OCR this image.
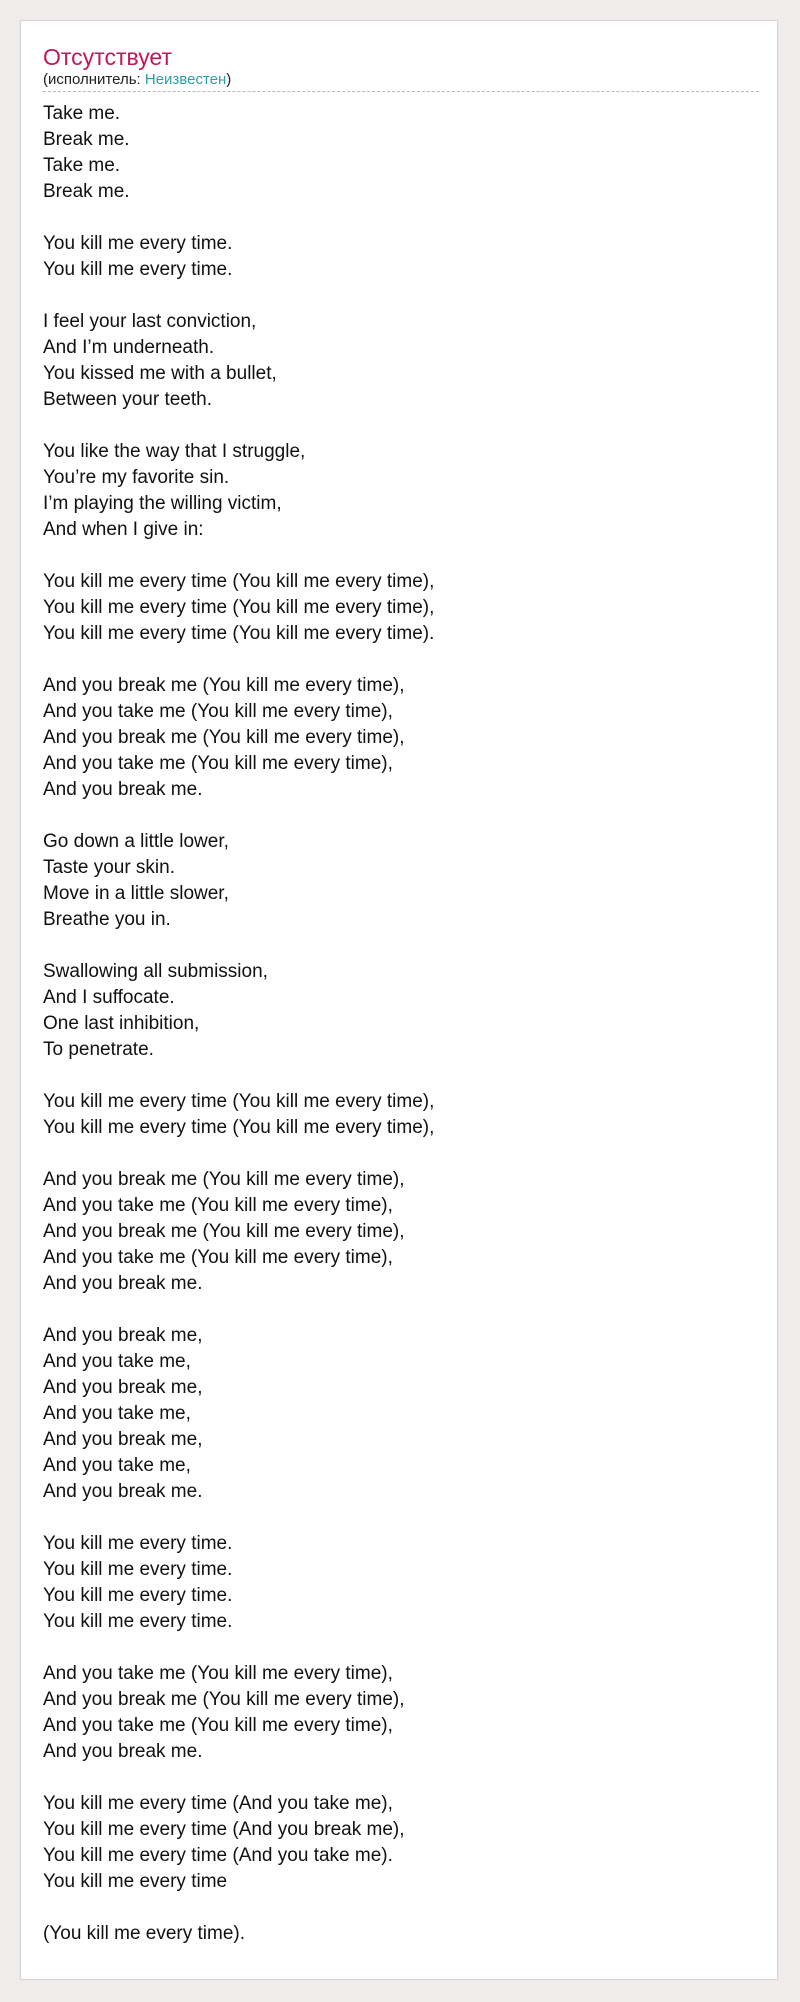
Отсутствует
(исполнитель: Неизвестен)
Take me.
Break me.
Take me.
Break me.
You kill me every time.
You kill me every time.
I feel your last conviction,
And I’m underneath.
You kissed me with a bullet,
Between your teeth.
You like the way that I struggle,
You’re my favorite sin.
I’m playing the willing victim,
And when I give in:
You kill me every time (You kill me every time),
You kill me every time (You kill me every time),
You kill me every time (You kill me every time).
And you break me (You kill me every time),
And you take me (You kill me every time),
And you break me (You kill me every time),
And you take me (You kill me every time),
And you break me.
Go down a little lower,
Taste your skin.
Move in a little slower,
Breathe you in.
Swallowing all submission,
And I suffocate.
One last inhibition,
To penetrate.
You kill me every time (You kill me every time),
You kill me every time (You kill me every time),
And you break me (You kill me every time),
And you take me (You kill me every time),
And you break me (You kill me every time),
And you take me (You kill me every time),
And you break me.
And you break me,
And you take me,
And you break me,
And you take me,
And you break me,
And you take me,
And you break me.
You kill me every time.
You kill me every time.
You kill me every time.
You kill me every time.
And you take me (You kill me every time),
And you break me (You kill me every time),
And you take me (You kill me every time),
And you break me.
You kill me every time (And you take me),
You kill me every time (And you break me),
You kill me every time (And you take me).
You kill me every time
(You kill me every time).
